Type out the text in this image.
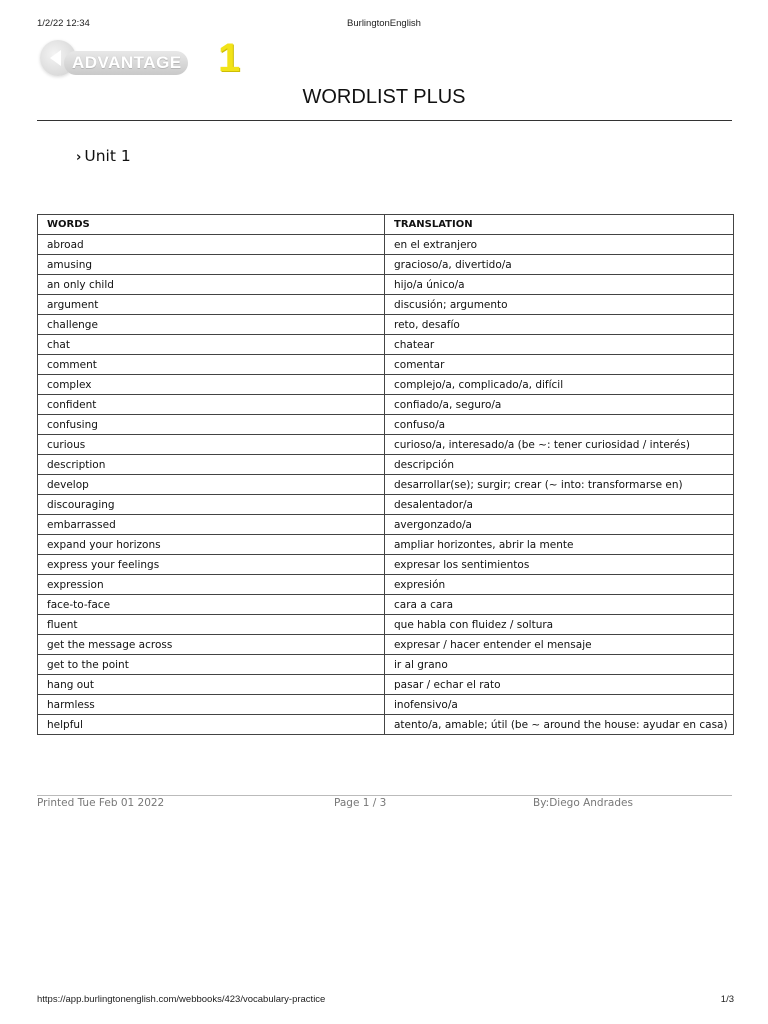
1/2/22 12:34	BurlingtonEnglish
ADVANTAGE 1
WORDLIST PLUS
› Unit 1
WORDS	TRANSLATION
abroad	en el extranjero
amusing	gracioso/a, divertido/a
an only child	hijo/a único/a
argument	discusión; argumento
challenge	reto, desafío
chat	chatear
comment	comentar
complex	complejo/a, complicado/a, difícil
confident	confiado/a, seguro/a
confusing	confuso/a
curious	curioso/a, interesado/a (be ~: tener curiosidad / interés)
description	descripción
develop	desarrollar(se); surgir; crear (~ into: transformarse en)
discouraging	desalentador/a
embarrassed	avergonzado/a
expand your horizons	ampliar horizontes, abrir la mente
express your feelings	expresar los sentimientos
expression	expresión
face-to-face	cara a cara
fluent	que habla con fluidez / soltura
get the message across	expresar / hacer entender el mensaje
get to the point	ir al grano
hang out	pasar / echar el rato
harmless	inofensivo/a
helpful	atento/a, amable; útil (be ~ around the house: ayudar en casa)
Printed Tue Feb 01 2022	Page 1 / 3	By:Diego Andrades
https://app.burlingtonenglish.com/webbooks/423/vocabulary-practice	1/3
